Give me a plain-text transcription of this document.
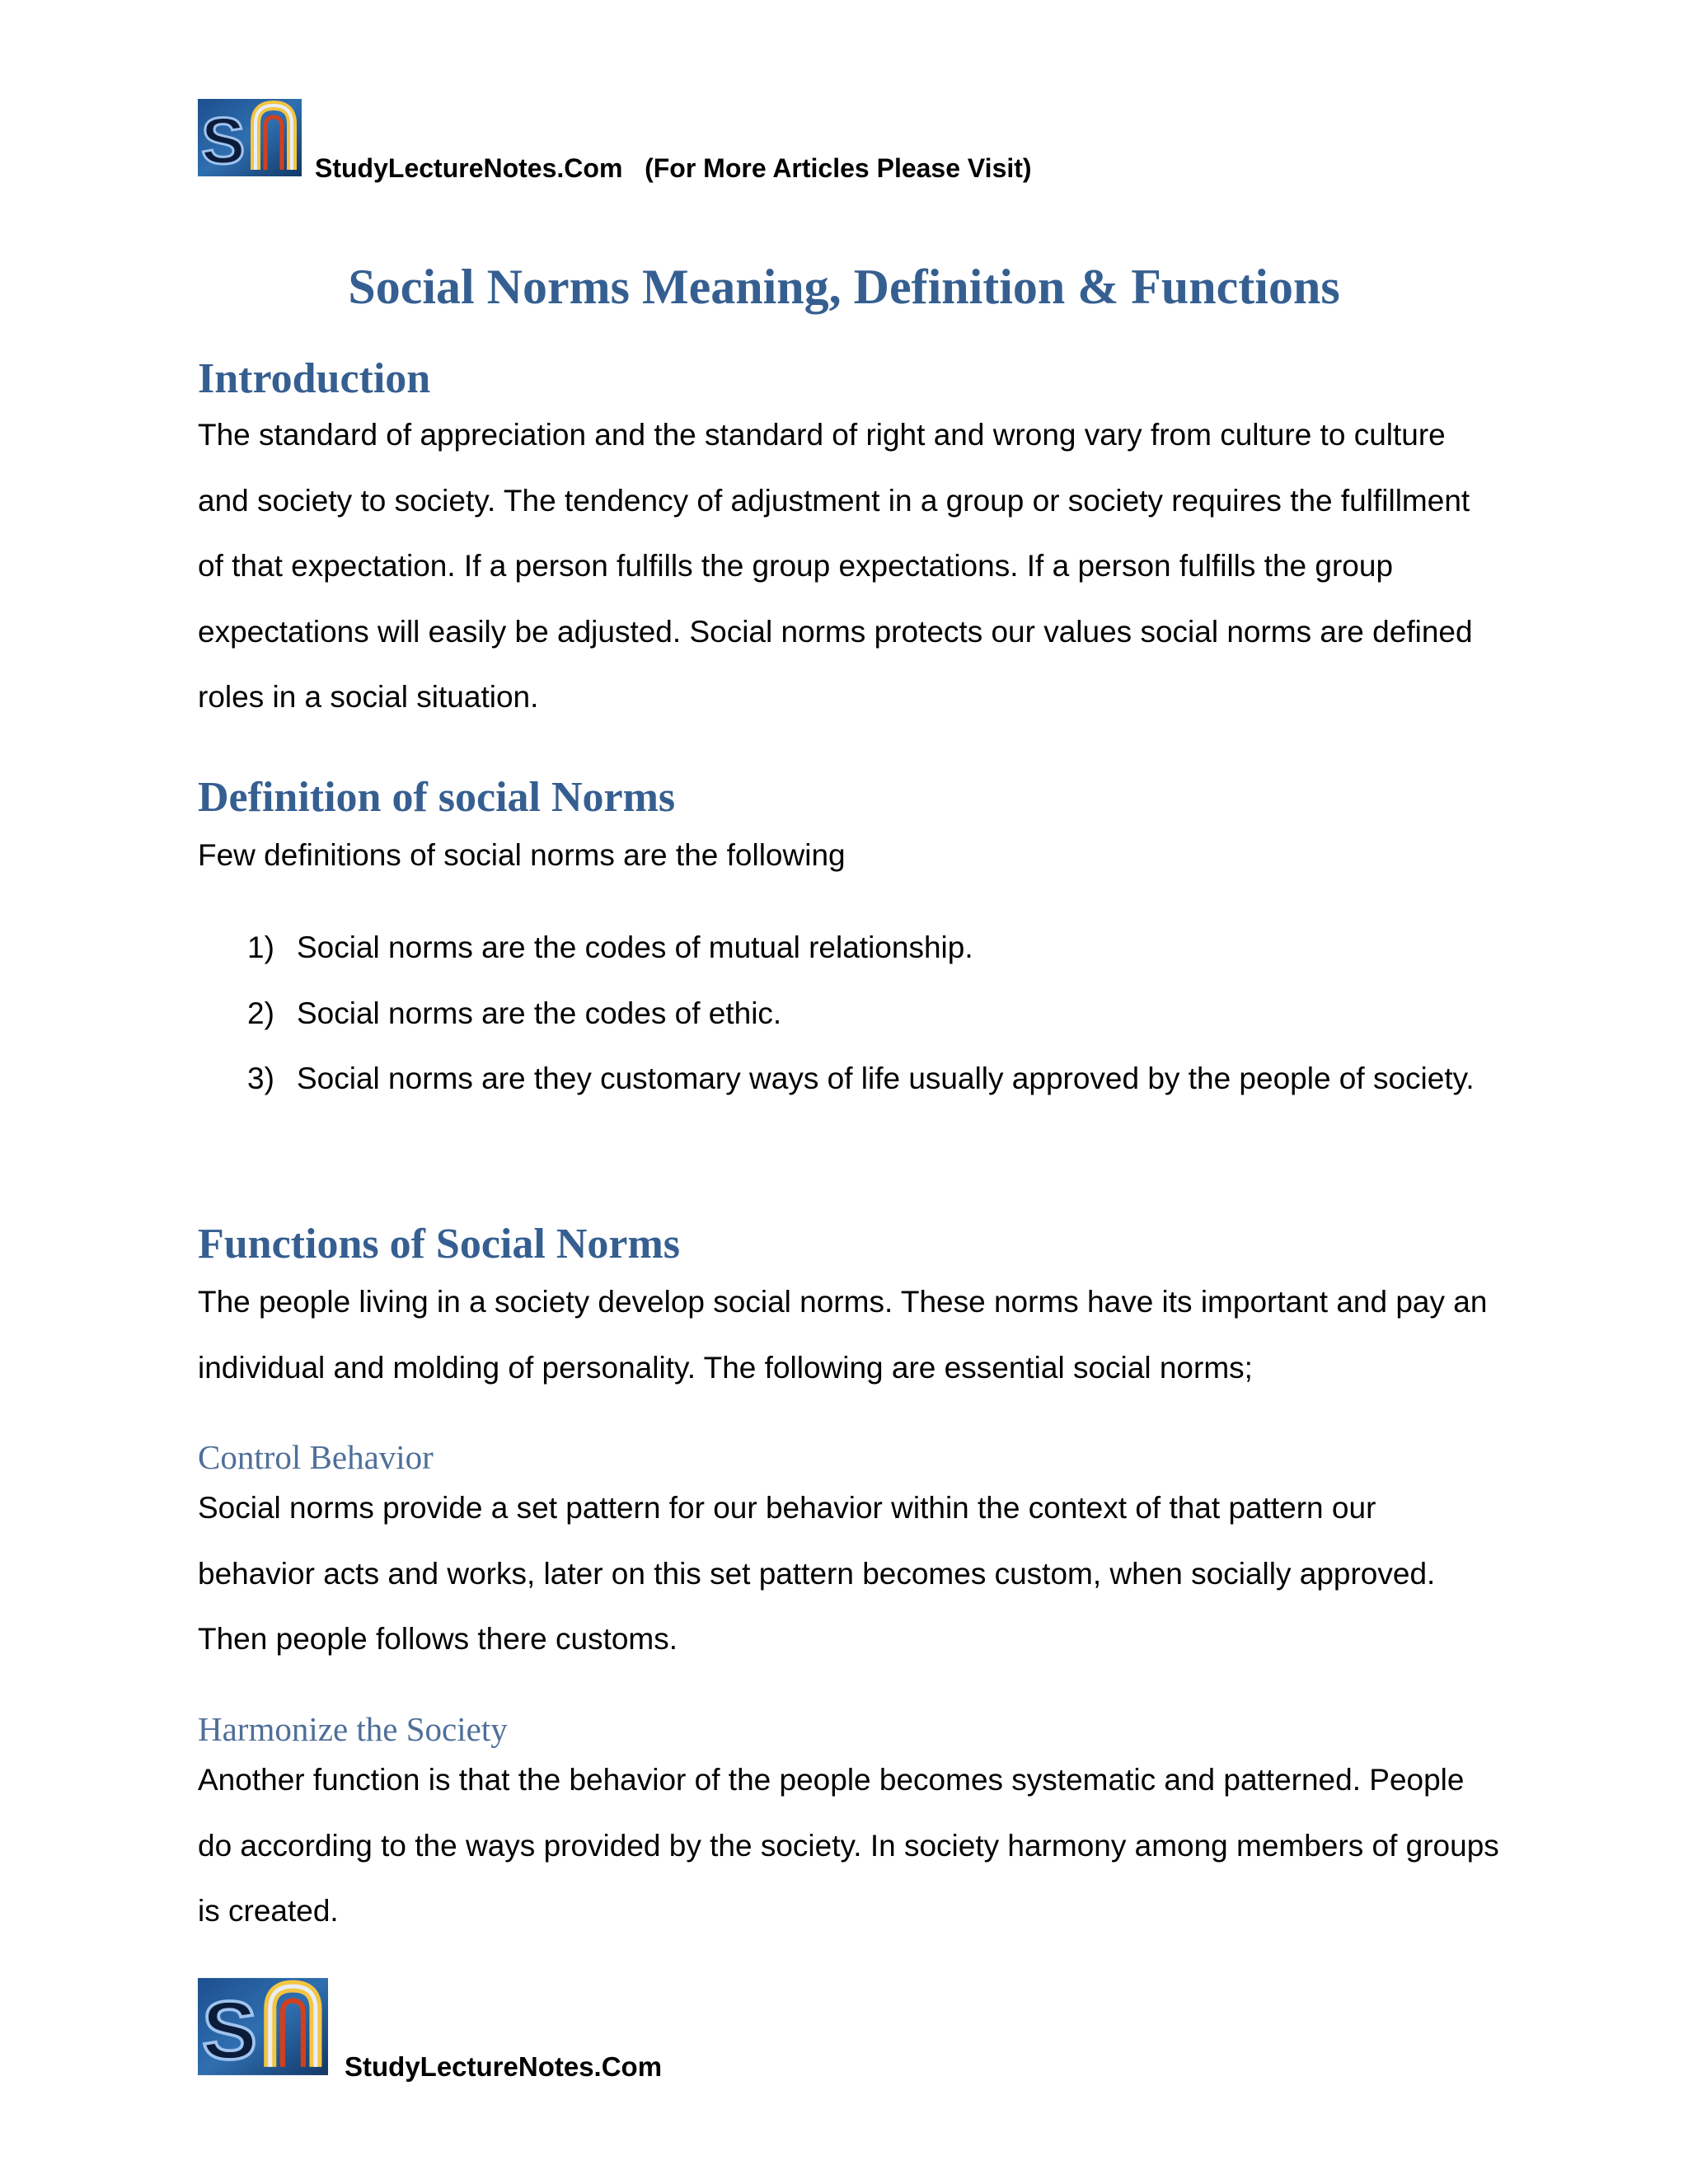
S	StudyLectureNotes.Com (For More Articles Please Visit)
Social Norms Meaning, Definition & Functions
Introduction

The standard of appreciation and the standard of right and wrong vary from culture to culture and society to society. The tendency of adjustment in a group or society requires the fulfillment of that expectation. If a person fulfills the group expectations. If a person fulfills the group expectations will easily be adjusted. Social norms protects our values social norms are defined roles in a social situation.

Definition of social Norms

Few definitions of social norms are the following

1) Social norms are the codes of mutual relationship.
2) Social norms are the codes of ethic.
3) Social norms are they customary ways of life usually approved by the people of society.
Functions of Social Norms

The people living in a society develop social norms. These norms have its important and pay an individual and molding of personality. The following are essential social norms;

Control Behavior

Social norms provide a set pattern for our behavior within the context of that pattern our behavior acts and works, later on this set pattern becomes custom, when socially approved. Then people follows there customs.

Harmonize the Society

Another function is that the behavior of the people becomes systematic and patterned. People do according to the ways provided by the society. In society harmony among members of groups is created.

S	StudyLectureNotes.Com
